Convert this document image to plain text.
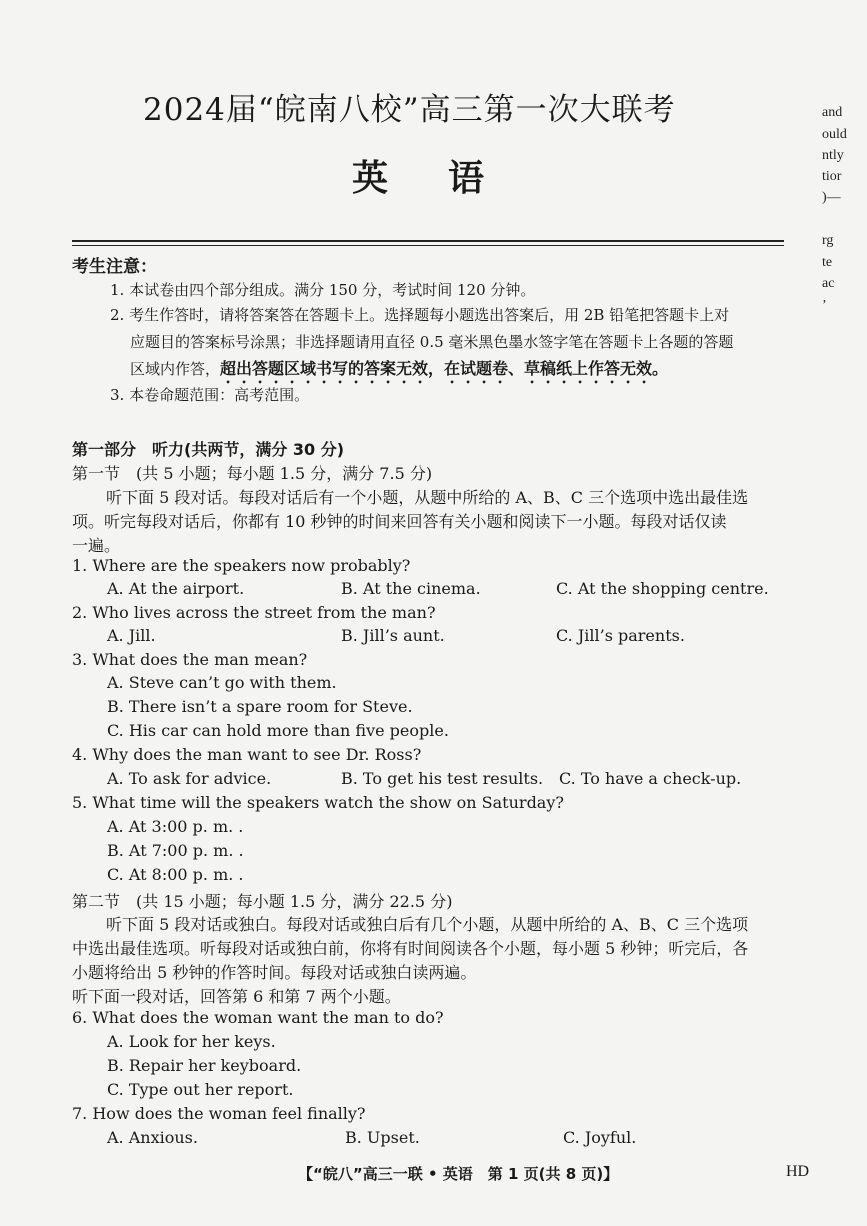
2024届“皖南八校”高三第一次大联考
英语
考生注意：
1. 本试卷由四个部分组成。满分 150 分，考试时间 120 分钟。
2. 考生作答时，请将答案答在答题卡上。选择题每小题选出答案后，用 2B 铅笔把答题卡上对
应题目的答案标号涂黑；非选择题请用直径 0.5 毫米黑色墨水签字笔在答题卡上各题的答题
区域内作答，超出答题区域书写的答案无效，在试题卷、草稿纸上作答无效。
3. 本卷命题范围：高考范围。
第一部分　听力(共两节，满分 30 分)
第一节　(共 5 小题；每小题 1.5 分，满分 7.5 分)
听下面 5 段对话。每段对话后有一个小题，从题中所给的 A、B、C 三个选项中选出最佳选
项。听完每段对话后，你都有 10 秒钟的时间来回答有关小题和阅读下一小题。每段对话仅读
一遍。
1. Where are the speakers now probably?
A. At the airport.	B. At the cinema.	C. At the shopping centre.
2. Who lives across the street from the man?
A. Jill.	B. Jill’s aunt.	C. Jill’s parents.
3. What does the man mean?
A. Steve can’t go with them.
B. There isn’t a spare room for Steve.
C. His car can hold more than five people.
4. Why does the man want to see Dr. Ross?
A. To ask for advice.	B. To get his test results. C. To have a check-up.
5. What time will the speakers watch the show on Saturday?
A. At 3:00 p. m. .
B. At 7:00 p. m. .
C. At 8:00 p. m. .
第二节　(共 15 小题；每小题 1.5 分，满分 22.5 分)
听下面 5 段对话或独白。每段对话或独白后有几个小题，从题中所给的 A、B、C 三个选项
中选出最佳选项。听每段对话或独白前，你将有时间阅读各个小题，每小题 5 秒钟；听完后，各
小题将给出 5 秒钟的作答时间。每段对话或独白读两遍。
听下面一段对话，回答第 6 和第 7 两个小题。
6. What does the woman want the man to do?
A. Look for her keys.
B. Repair her keyboard.
C. Type out her report.
7. How does the woman feel finally?
A. Anxious.	B. Upset.	C. Joyful.
and
ould
ntly
tior
)—
rg
te
ac
’
【“皖八”高三一联 • 英语　第 1 页(共 8 页)】	HD
